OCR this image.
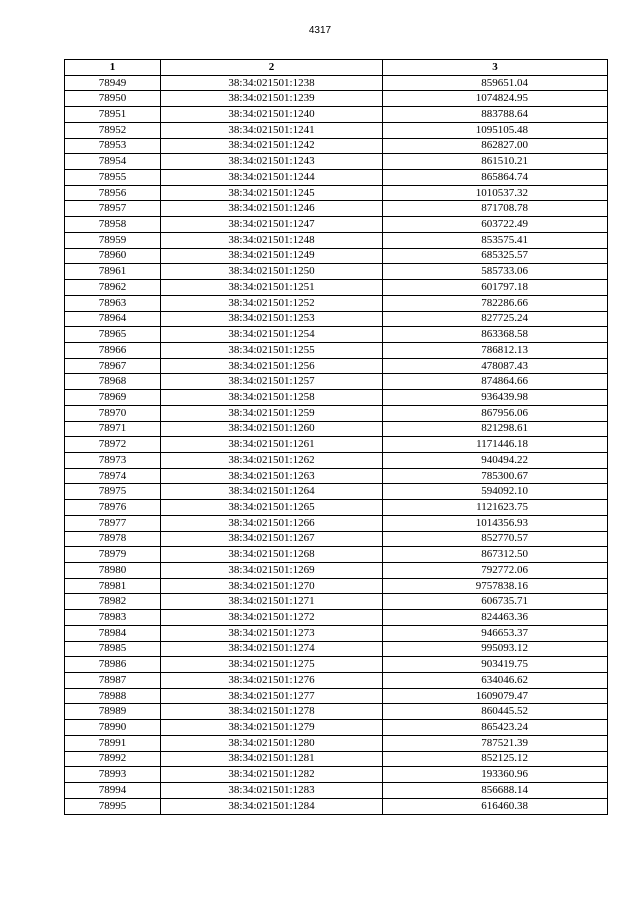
4317
1	2	3
78949	38:34:021501:1238	859651.04
78950	38:34:021501:1239	1074824.95
78951	38:34:021501:1240	883788.64
78952	38:34:021501:1241	1095105.48
78953	38:34:021501:1242	862827.00
78954	38:34:021501:1243	861510.21
78955	38:34:021501:1244	865864.74
78956	38:34:021501:1245	1010537.32
78957	38:34:021501:1246	871708.78
78958	38:34:021501:1247	603722.49
78959	38:34:021501:1248	853575.41
78960	38:34:021501:1249	685325.57
78961	38:34:021501:1250	585733.06
78962	38:34:021501:1251	601797.18
78963	38:34:021501:1252	782286.66
78964	38:34:021501:1253	827725.24
78965	38:34:021501:1254	863368.58
78966	38:34:021501:1255	786812.13
78967	38:34:021501:1256	478087.43
78968	38:34:021501:1257	874864.66
78969	38:34:021501:1258	936439.98
78970	38:34:021501:1259	867956.06
78971	38:34:021501:1260	821298.61
78972	38:34:021501:1261	1171446.18
78973	38:34:021501:1262	940494.22
78974	38:34:021501:1263	785300.67
78975	38:34:021501:1264	594092.10
78976	38:34:021501:1265	1121623.75
78977	38:34:021501:1266	1014356.93
78978	38:34:021501:1267	852770.57
78979	38:34:021501:1268	867312.50
78980	38:34:021501:1269	792772.06
78981	38:34:021501:1270	9757838.16
78982	38:34:021501:1271	606735.71
78983	38:34:021501:1272	824463.36
78984	38:34:021501:1273	946653.37
78985	38:34:021501:1274	995093.12
78986	38:34:021501:1275	903419.75
78987	38:34:021501:1276	634046.62
78988	38:34:021501:1277	1609079.47
78989	38:34:021501:1278	860445.52
78990	38:34:021501:1279	865423.24
78991	38:34:021501:1280	787521.39
78992	38:34:021501:1281	852125.12
78993	38:34:021501:1282	193360.96
78994	38:34:021501:1283	856688.14
78995	38:34:021501:1284	616460.38
